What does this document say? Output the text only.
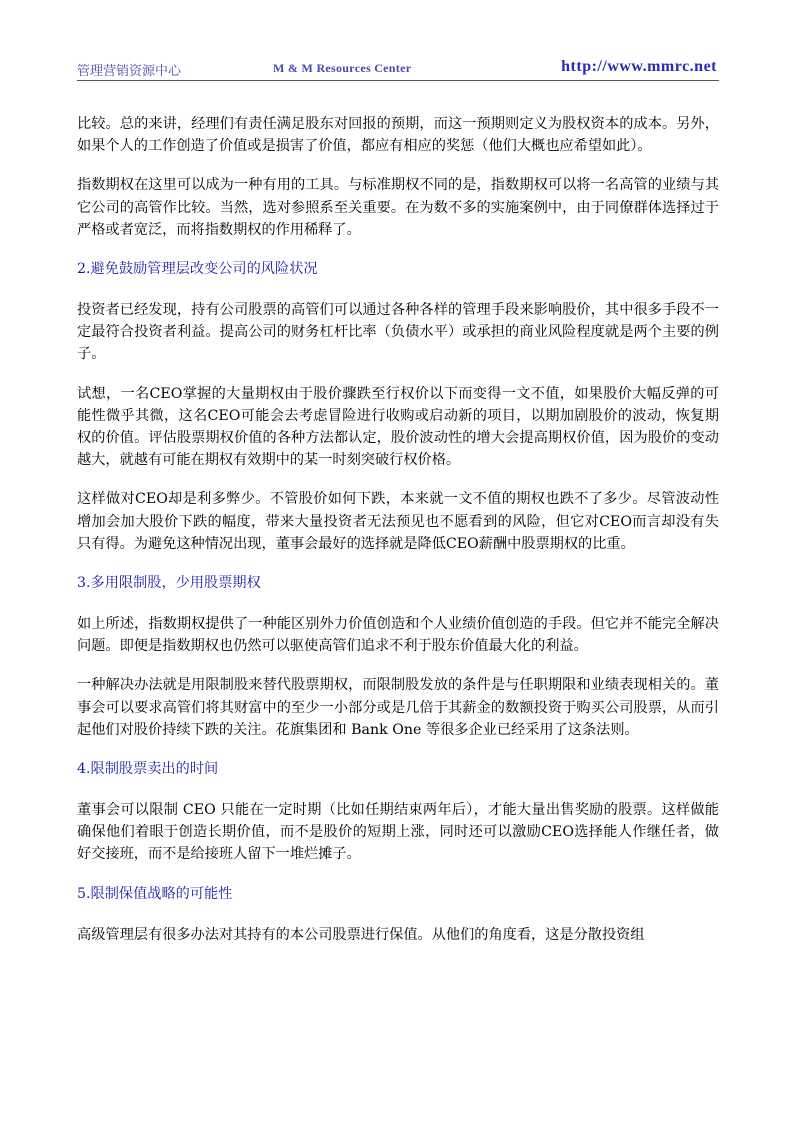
管理营销资源中心	M & M Resources Center	http://www.mmrc.net

比较。总的来讲，经理们有责任满足股东对回报的预期，而这一预期则定义为股权资本的成本。另外，如果个人的工作创造了价值或是损害了价值，都应有相应的奖惩（他们大概也应希望如此）。

指数期权在这里可以成为一种有用的工具。与标准期权不同的是，指数期权可以将一名高管的业绩与其它公司的高管作比较。当然，选对参照系至关重要。在为数不多的实施案例中，由于同僚群体选择过于严格或者宽泛，而将指数期权的作用稀释了。

2.避免鼓励管理层改变公司的风险状况

投资者已经发现，持有公司股票的高管们可以通过各种各样的管理手段来影响股价，其中很多手段不一定最符合投资者利益。提高公司的财务杠杆比率（负债水平）或承担的商业风险程度就是两个主要的例子。

试想，一名CEO掌握的大量期权由于股价骤跌至行权价以下而变得一文不值，如果股价大幅反弹的可能性微乎其微，这名CEO可能会去考虑冒险进行收购或启动新的项目，以期加剧股价的波动，恢复期权的价值。评估股票期权价值的各种方法都认定，股价波动性的增大会提高期权价值，因为股价的变动越大，就越有可能在期权有效期中的某一时刻突破行权价格。

这样做对CEO却是利多弊少。不管股价如何下跌，本来就一文不值的期权也跌不了多少。尽管波动性增加会加大股价下跌的幅度，带来大量投资者无法预见也不愿看到的风险，但它对CEO而言却没有失只有得。为避免这种情况出现，董事会最好的选择就是降低CEO薪酬中股票期权的比重。

3.多用限制股，少用股票期权

如上所述，指数期权提供了一种能区别外力价值创造和个人业绩价值创造的手段。但它并不能完全解决问题。即便是指数期权也仍然可以驱使高管们追求不利于股东价值最大化的利益。

一种解决办法就是用限制股来替代股票期权，而限制股发放的条件是与任职期限和业绩表现相关的。董事会可以要求高管们将其财富中的至少一小部分或是几倍于其薪金的数额投资于购买公司股票，从而引起他们对股价持续下跌的关注。花旗集团和 Bank One 等很多企业已经采用了这条法则。

4.限制股票卖出的时间

董事会可以限制 CEO 只能在一定时期（比如任期结束两年后），才能大量出售奖励的股票。这样做能确保他们着眼于创造长期价值，而不是股价的短期上涨，同时还可以激励CEO选择能人作继任者，做好交接班，而不是给接班人留下一堆烂摊子。

5.限制保值战略的可能性

高级管理层有很多办法对其持有的本公司股票进行保值。从他们的角度看，这是分散投资组
